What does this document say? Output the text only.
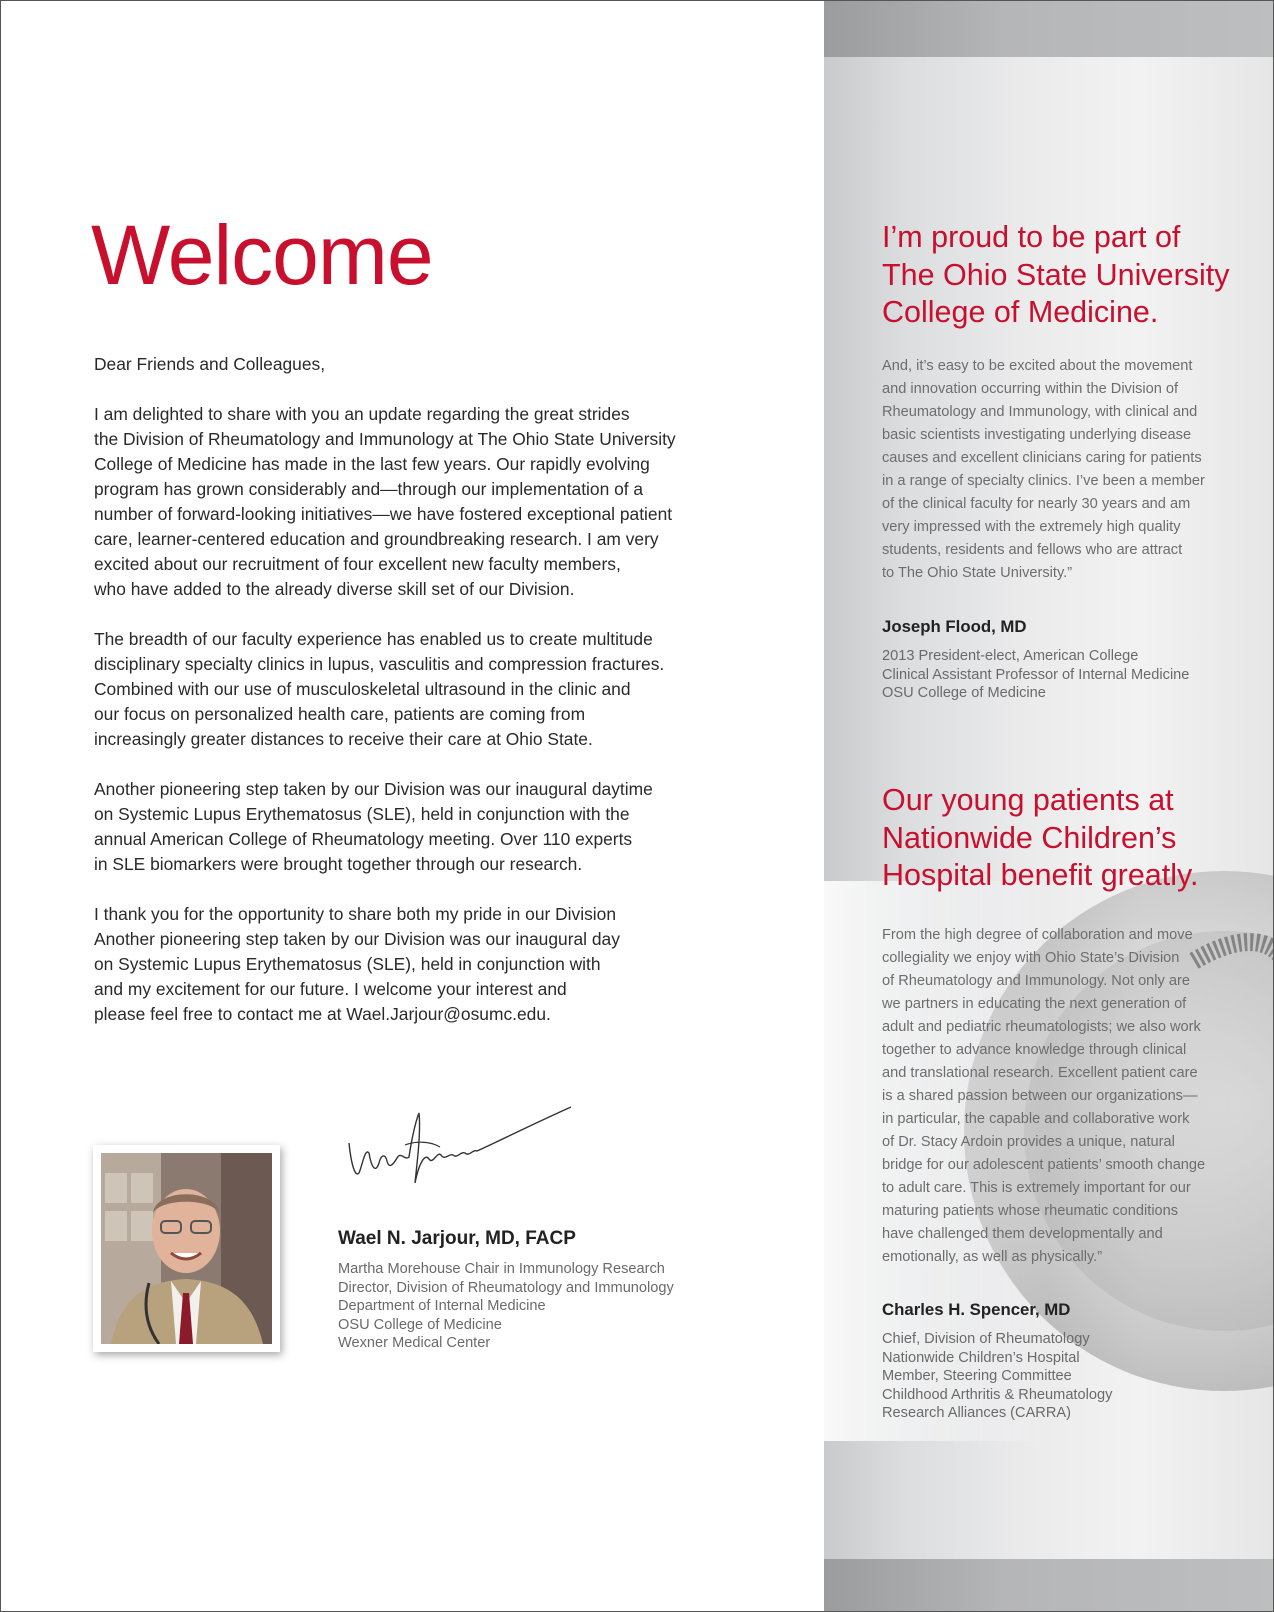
Welcome

Dear Friends and Colleagues,

I am delighted to share with you an update regarding the great strides
the Division of Rheumatology and Immunology at The Ohio State University
College of Medicine has made in the last few years. Our rapidly evolving
program has grown considerably and—through our implementation of a
number of forward-looking initiatives—we have fostered exceptional patient
care, learner-centered education and groundbreaking research. I am very
excited about our recruitment of four excellent new faculty members,
who have added to the already diverse skill set of our Division.

The breadth of our faculty experience has enabled us to create multitude
disciplinary specialty clinics in lupus, vasculitis and compression fractures.
Combined with our use of musculoskeletal ultrasound in the clinic and
our focus on personalized health care, patients are coming from
increasingly greater distances to receive their care at Ohio State.

Another pioneering step taken by our Division was our inaugural daytime
on Systemic Lupus Erythematosus (SLE), held in conjunction with the
annual American College of Rheumatology meeting. Over 110 experts
in SLE biomarkers were brought together through our research.

I thank you for the opportunity to share both my pride in our Division
Another pioneering step taken by our Division was our inaugural day
on Systemic Lupus Erythematosus (SLE), held in conjunction with
and my excitement for our future. I welcome your interest and
please feel free to contact me at Wael.Jarjour@osumc.edu.

Wael N. Jarjour, MD, FACP
Martha Morehouse Chair in Immunology Research
Director, Division of Rheumatology and Immunology
Department of Internal Medicine
OSU College of Medicine
Wexner Medical Center
I’m proud to be part of
The Ohio State University
College of Medicine.
And, it’s easy to be excited about the movement
and innovation occurring within the Division of
Rheumatology and Immunology, with clinical and
basic scientists investigating underlying disease
causes and excellent clinicians caring for patients
in a range of specialty clinics. I’ve been a member
of the clinical faculty for nearly 30 years and am
very impressed with the extremely high quality
students, residents and fellows who are attract
to The Ohio State University.”
Joseph Flood, MD
2013 President-elect, American College
Clinical Assistant Professor of Internal Medicine
OSU College of Medicine
Our young patients at
Nationwide Children’s
Hospital benefit greatly.
From the high degree of collaboration and move
collegiality we enjoy with Ohio State’s Division
of Rheumatology and Immunology. Not only are
we partners in educating the next generation of
adult and pediatric rheumatologists; we also work
together to advance knowledge through clinical
and translational research. Excellent patient care
is a shared passion between our organizations—
in particular, the capable and collaborative work
of Dr. Stacy Ardoin provides a unique, natural
bridge for our adolescent patients’ smooth change
to adult care. This is extremely important for our
maturing patients whose rheumatic conditions
have challenged them developmentally and
emotionally, as well as physically.”
Charles H. Spencer, MD
Chief, Division of Rheumatology
Nationwide Children’s Hospital
Member, Steering Committee
Childhood Arthritis & Rheumatology
Research Alliances (CARRA)
